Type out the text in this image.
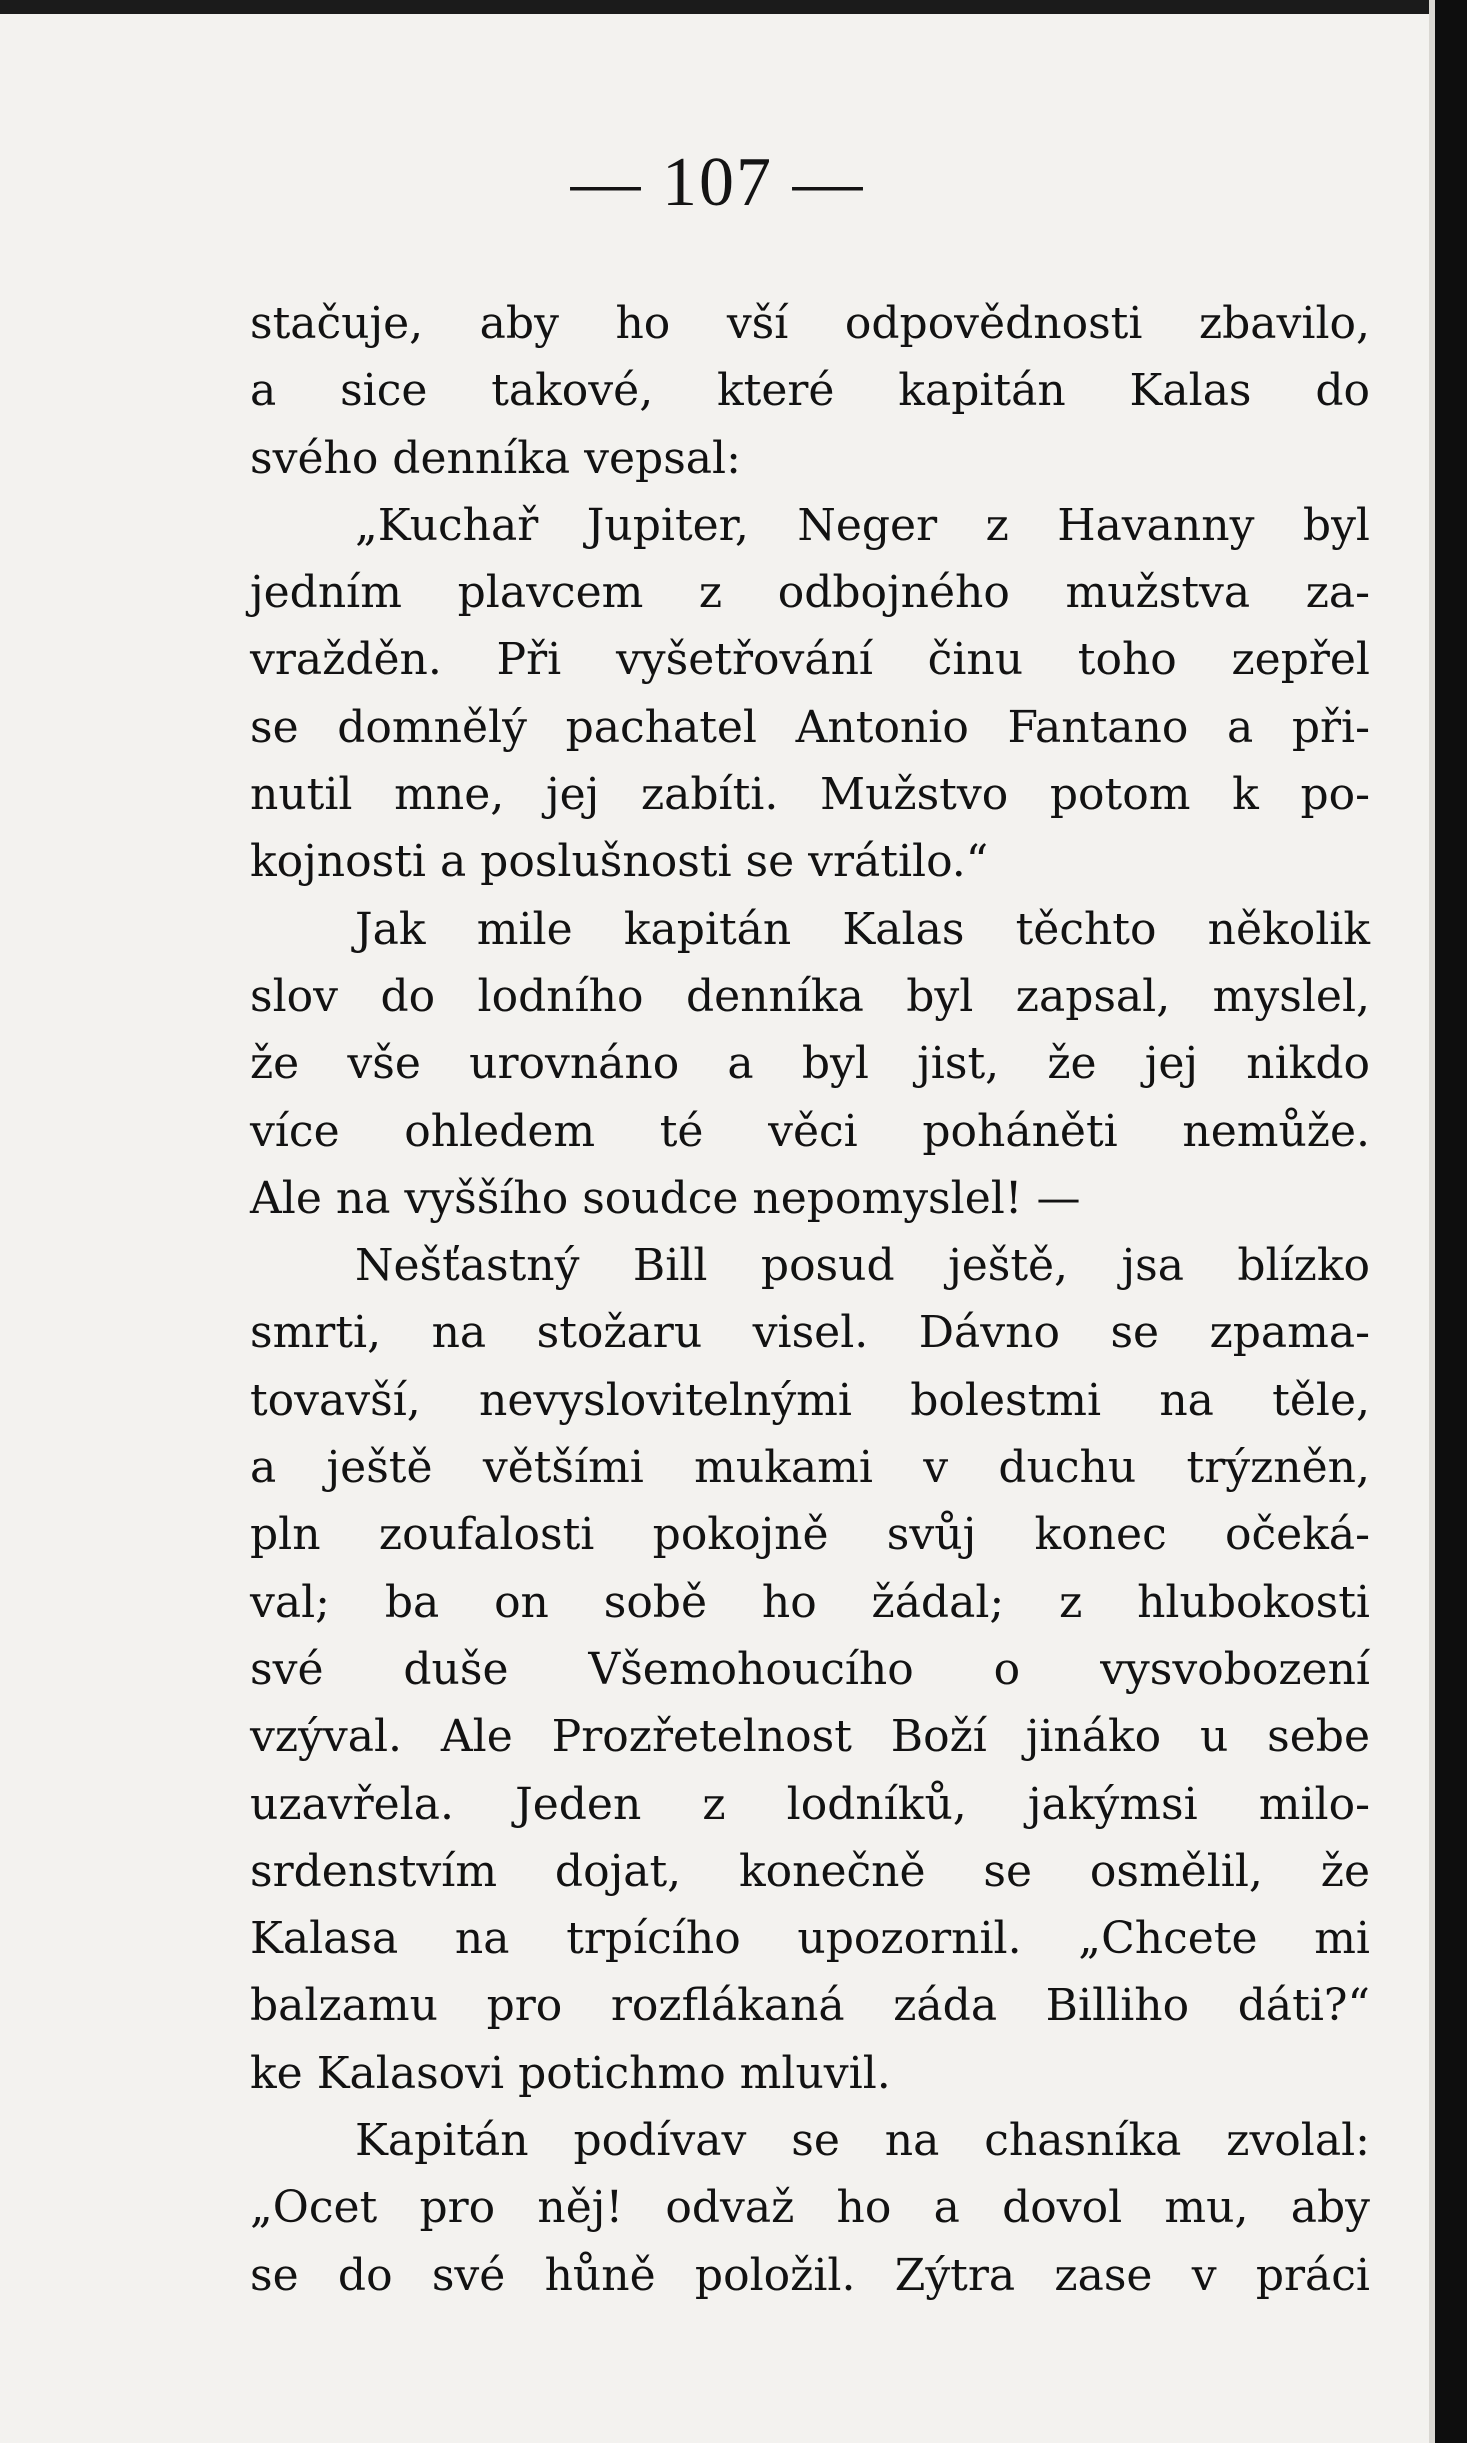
— 107 —
stačuje, aby ho vší odpovědnosti zbavilo,
a sice takové, které kapitán Kalas do
svého denníka vepsal:
„Kuchař Jupiter, Neger z Havanny byl
jedním plavcem z odbojného mužstva za-
vražděn. Při vyšetřování činu toho zepřel
se domnělý pachatel Antonio Fantano a při-
nutil mne, jej zabíti. Mužstvo potom k po-
kojnosti a poslušnosti se vrátilo.“
Jak mile kapitán Kalas těchto několik
slov do lodního denníka byl zapsal, myslel,
že vše urovnáno a byl jist, že jej nikdo
více ohledem té věci poháněti nemůže.
Ale na vyššího soudce nepomyslel! —
Nešťastný Bill posud ještě, jsa blízko
smrti, na stožaru visel. Dávno se zpama-
tovavší, nevyslovitelnými bolestmi na těle,
a ještě většími mukami v duchu trýzněn,
pln zoufalosti pokojně svůj konec očeká-
val; ba on sobě ho žádal; z hlubokosti
své duše Všemohoucího o vysvobození
vzýval. Ale Prozřetelnost Boží jináko u sebe
uzavřela. Jeden z lodníků, jakýmsi milo-
srdenstvím dojat, konečně se osmělil, že
Kalasa na trpícího upozornil. „Chcete mi
balzamu pro rozflákaná záda Billiho dáti?“
ke Kalasovi potichmo mluvil.
Kapitán podívav se na chasníka zvolal:
„Ocet pro něj! odvaž ho a dovol mu, aby
se do své hůně položil. Zýtra zase v práci
